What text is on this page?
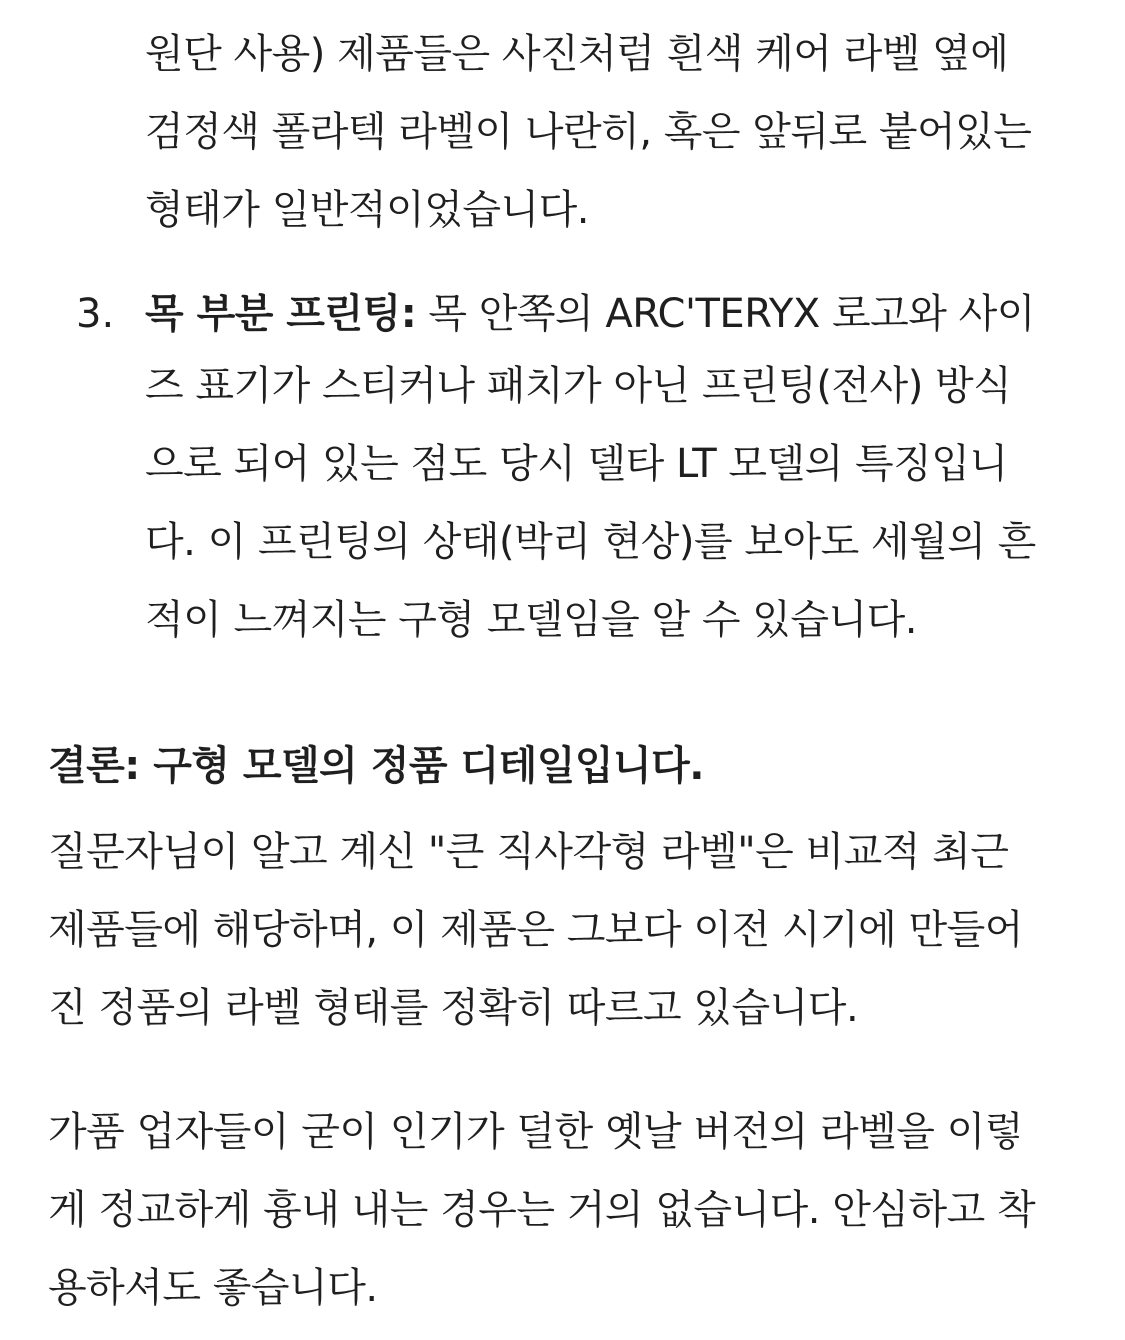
원단 사용) 제품들은 사진처럼 흰색 케어 라벨 옆에
검정색 폴라텍 라벨이 나란히, 혹은 앞뒤로 붙어있는
형태가 일반적이었습니다.
3. 목 부분 프린팅: 목 안쪽의 ARC'TERYX 로고와 사이
즈 표기가 스티커나 패치가 아닌 프린팅(전사) 방식
으로 되어 있는 점도 당시 델타 LT 모델의 특징입니
다. 이 프린팅의 상태(박리 현상)를 보아도 세월의 흔
적이 느껴지는 구형 모델임을 알 수 있습니다.
결론: 구형 모델의 정품 디테일입니다.
질문자님이 알고 계신 "큰 직사각형 라벨"은 비교적 최근
제품들에 해당하며, 이 제품은 그보다 이전 시기에 만들어
진 정품의 라벨 형태를 정확히 따르고 있습니다.
가품 업자들이 굳이 인기가 덜한 옛날 버전의 라벨을 이렇
게 정교하게 흉내 내는 경우는 거의 없습니다. 안심하고 착
용하셔도 좋습니다.
